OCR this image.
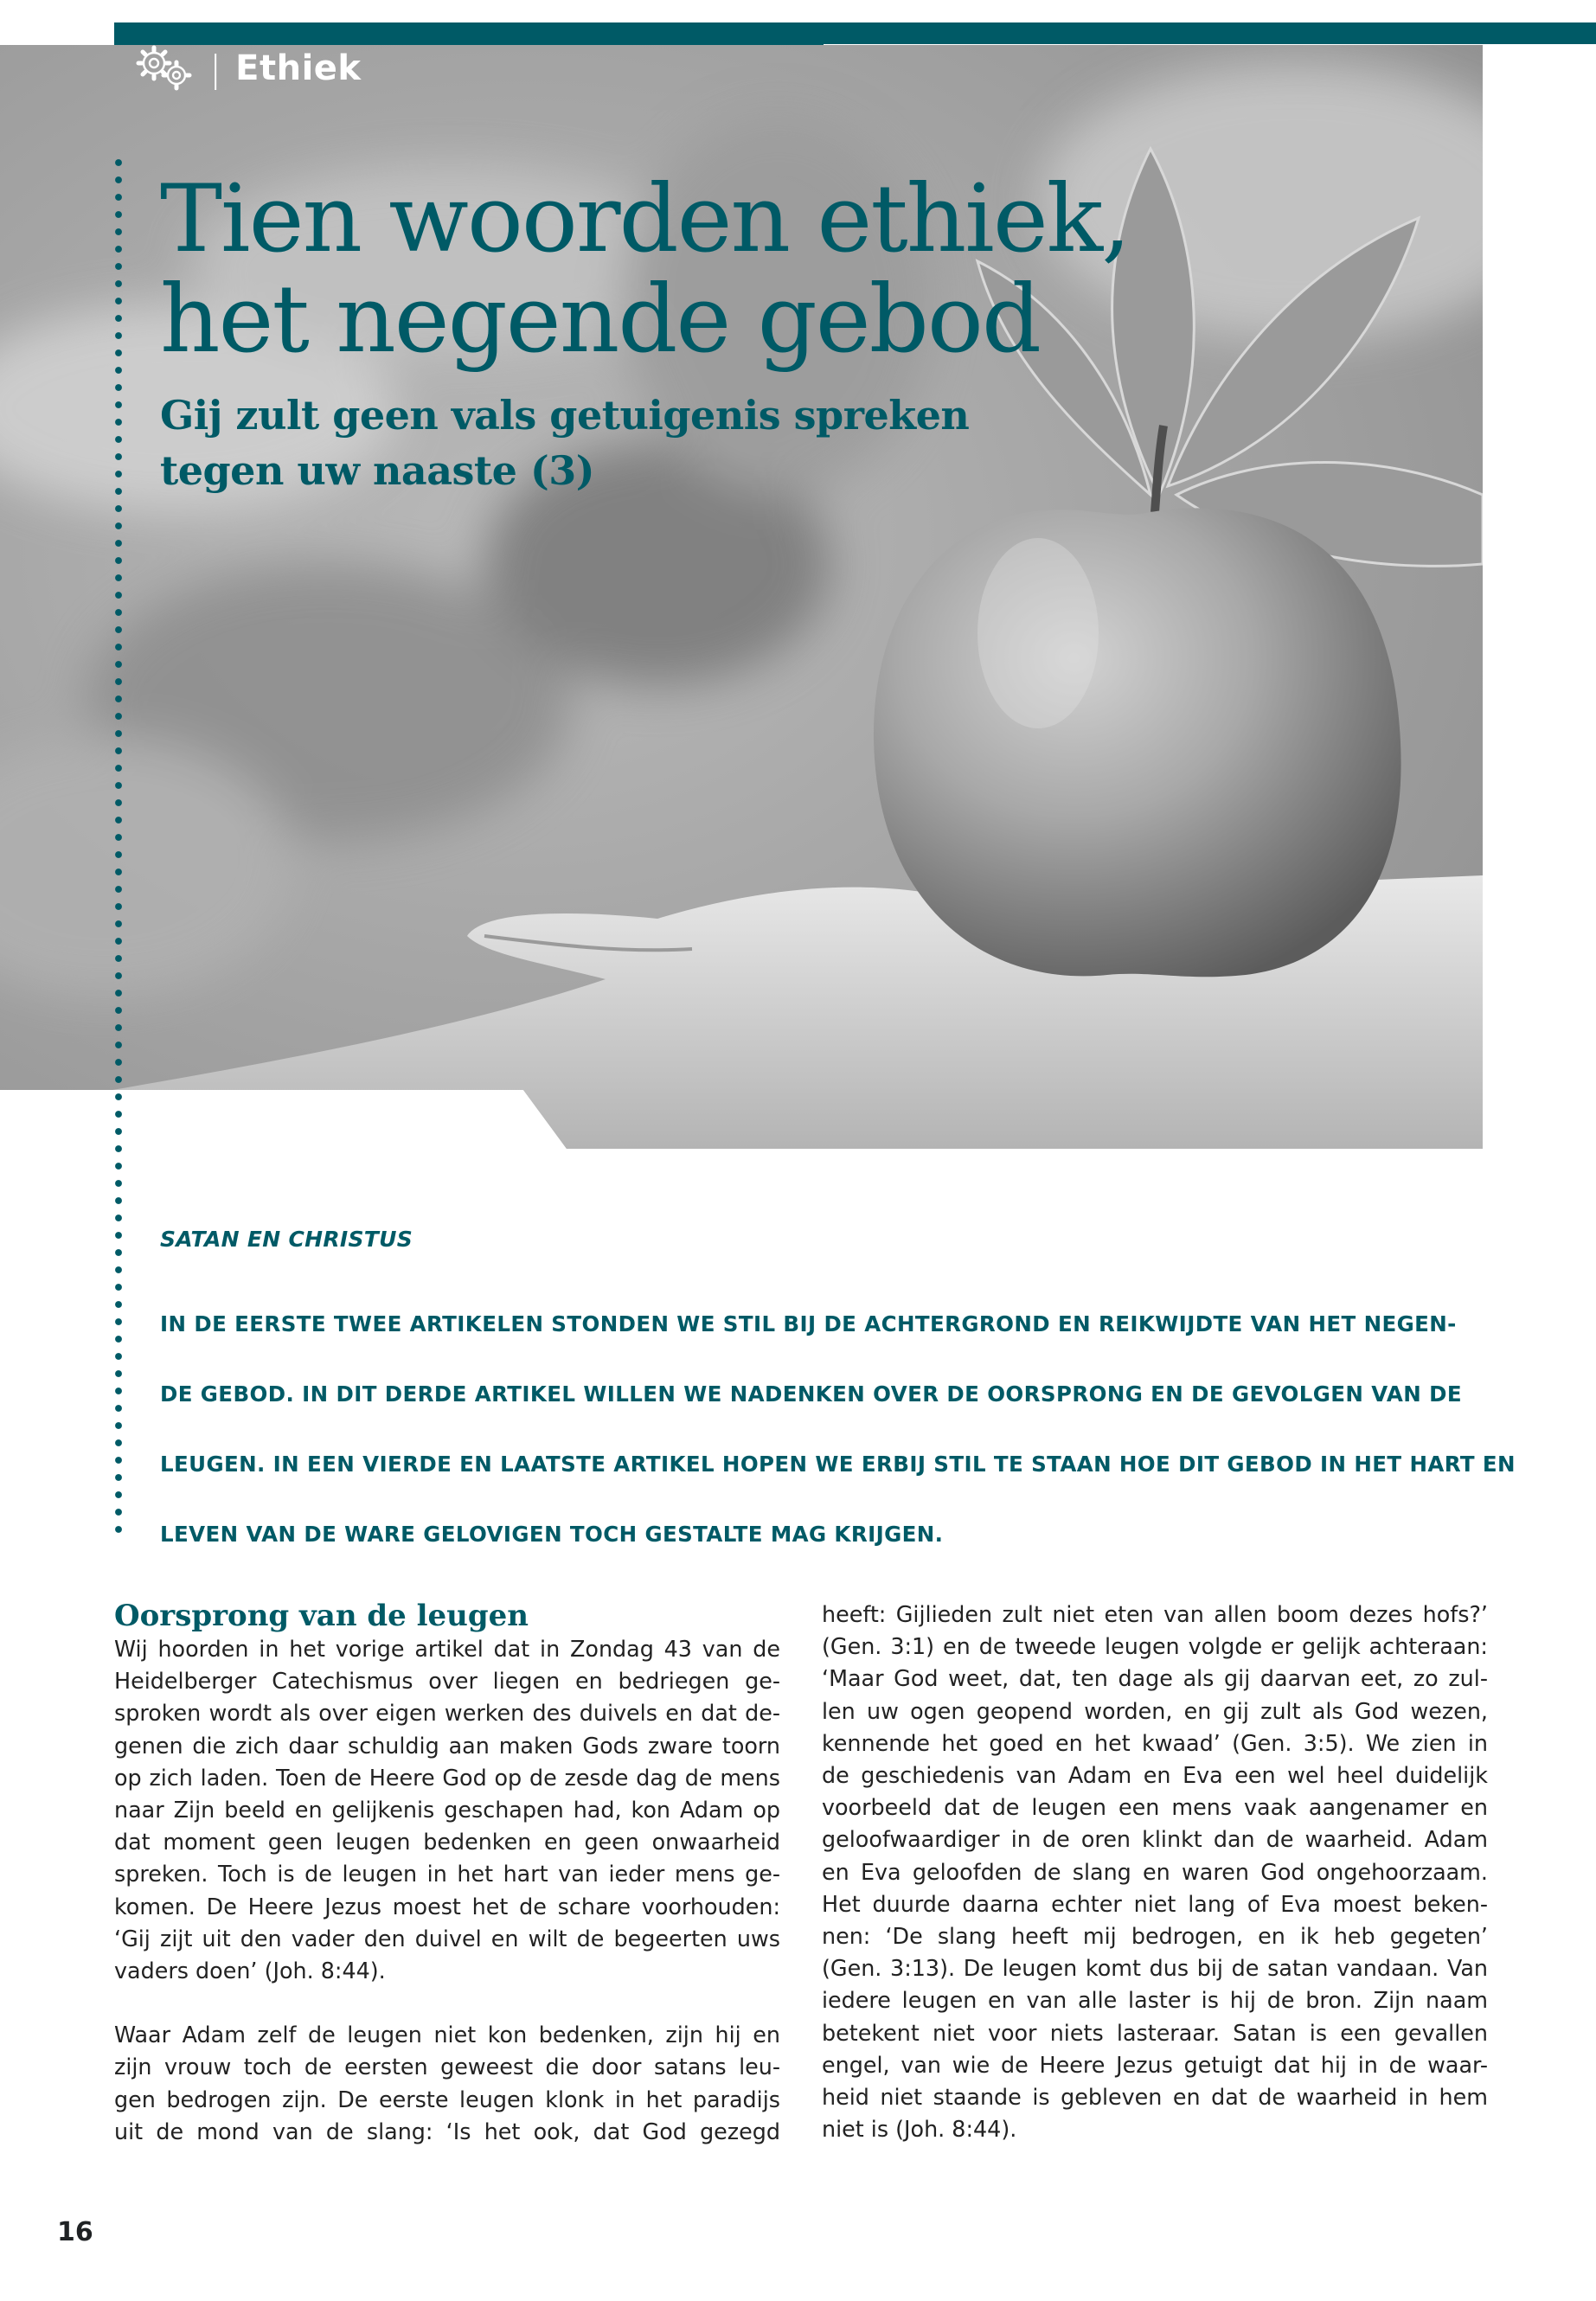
| Ethiek
Tien woorden ethiek,
het negende gebod
Gij zult geen vals getuigenis spreken
tegen uw naaste (3)
SATAN EN CHRISTUS
IN DE EERSTE TWEE ARTIKELEN STONDEN WE STIL BIJ DE ACHTERGROND EN REIKWIJDTE VAN HET NEGEN-
DE GEBOD. IN DIT DERDE ARTIKEL WILLEN WE NADENKEN OVER DE OORSPRONG EN DE GEVOLGEN VAN DE
LEUGEN. IN EEN VIERDE EN LAATSTE ARTIKEL HOPEN WE ERBIJ STIL TE STAAN HOE DIT GEBOD IN HET HART EN
LEVEN VAN DE WARE GELOVIGEN TOCH GESTALTE MAG KRIJGEN.
Oorsprong van de leugen

Wij hoorden in het vorige artikel dat in Zondag 43 van de
Heidelberger Catechismus over liegen en bedriegen ge-
sproken wordt als over eigen werken des duivels en dat de-
genen die zich daar schuldig aan maken Gods zware toorn
op zich laden. Toen de Heere God op de zesde dag de mens
naar Zijn beeld en gelijkenis geschapen had, kon Adam op
dat moment geen leugen bedenken en geen onwaarheid
spreken. Toch is de leugen in het hart van ieder mens ge-
komen. De Heere Jezus moest het de schare voorhouden:
‘Gij zijt uit den vader den duivel en wilt de begeerten uws
vaders doen’ (Joh. 8:44).

Waar Adam zelf de leugen niet kon bedenken, zijn hij en
zijn vrouw toch de eersten geweest die door satans leu-
gen bedrogen zijn. De eerste leugen klonk in het paradijs
uit de mond van de slang: ‘Is het ook, dat God gezegd

heeft: Gijlieden zult niet eten van allen boom dezes hofs?’
(Gen. 3:1) en de tweede leugen volgde er gelijk achteraan:
‘Maar God weet, dat, ten dage als gij daarvan eet, zo zul-
len uw ogen geopend worden, en gij zult als God wezen,
kennende het goed en het kwaad’ (Gen. 3:5). We zien in
de geschiedenis van Adam en Eva een wel heel duidelijk
voorbeeld dat de leugen een mens vaak aangenamer en
geloofwaardiger in de oren klinkt dan de waarheid. Adam
en Eva geloofden de slang en waren God ongehoorzaam.
Het duurde daarna echter niet lang of Eva moest beken-
nen: ‘De slang heeft mij bedrogen, en ik heb gegeten’
(Gen. 3:13). De leugen komt dus bij de satan vandaan. Van
iedere leugen en van alle laster is hij de bron. Zijn naam
betekent niet voor niets lasteraar. Satan is een gevallen
engel, van wie de Heere Jezus getuigt dat hij in de waar-
heid niet staande is gebleven en dat de waarheid in hem
niet is (Joh. 8:44).

16
